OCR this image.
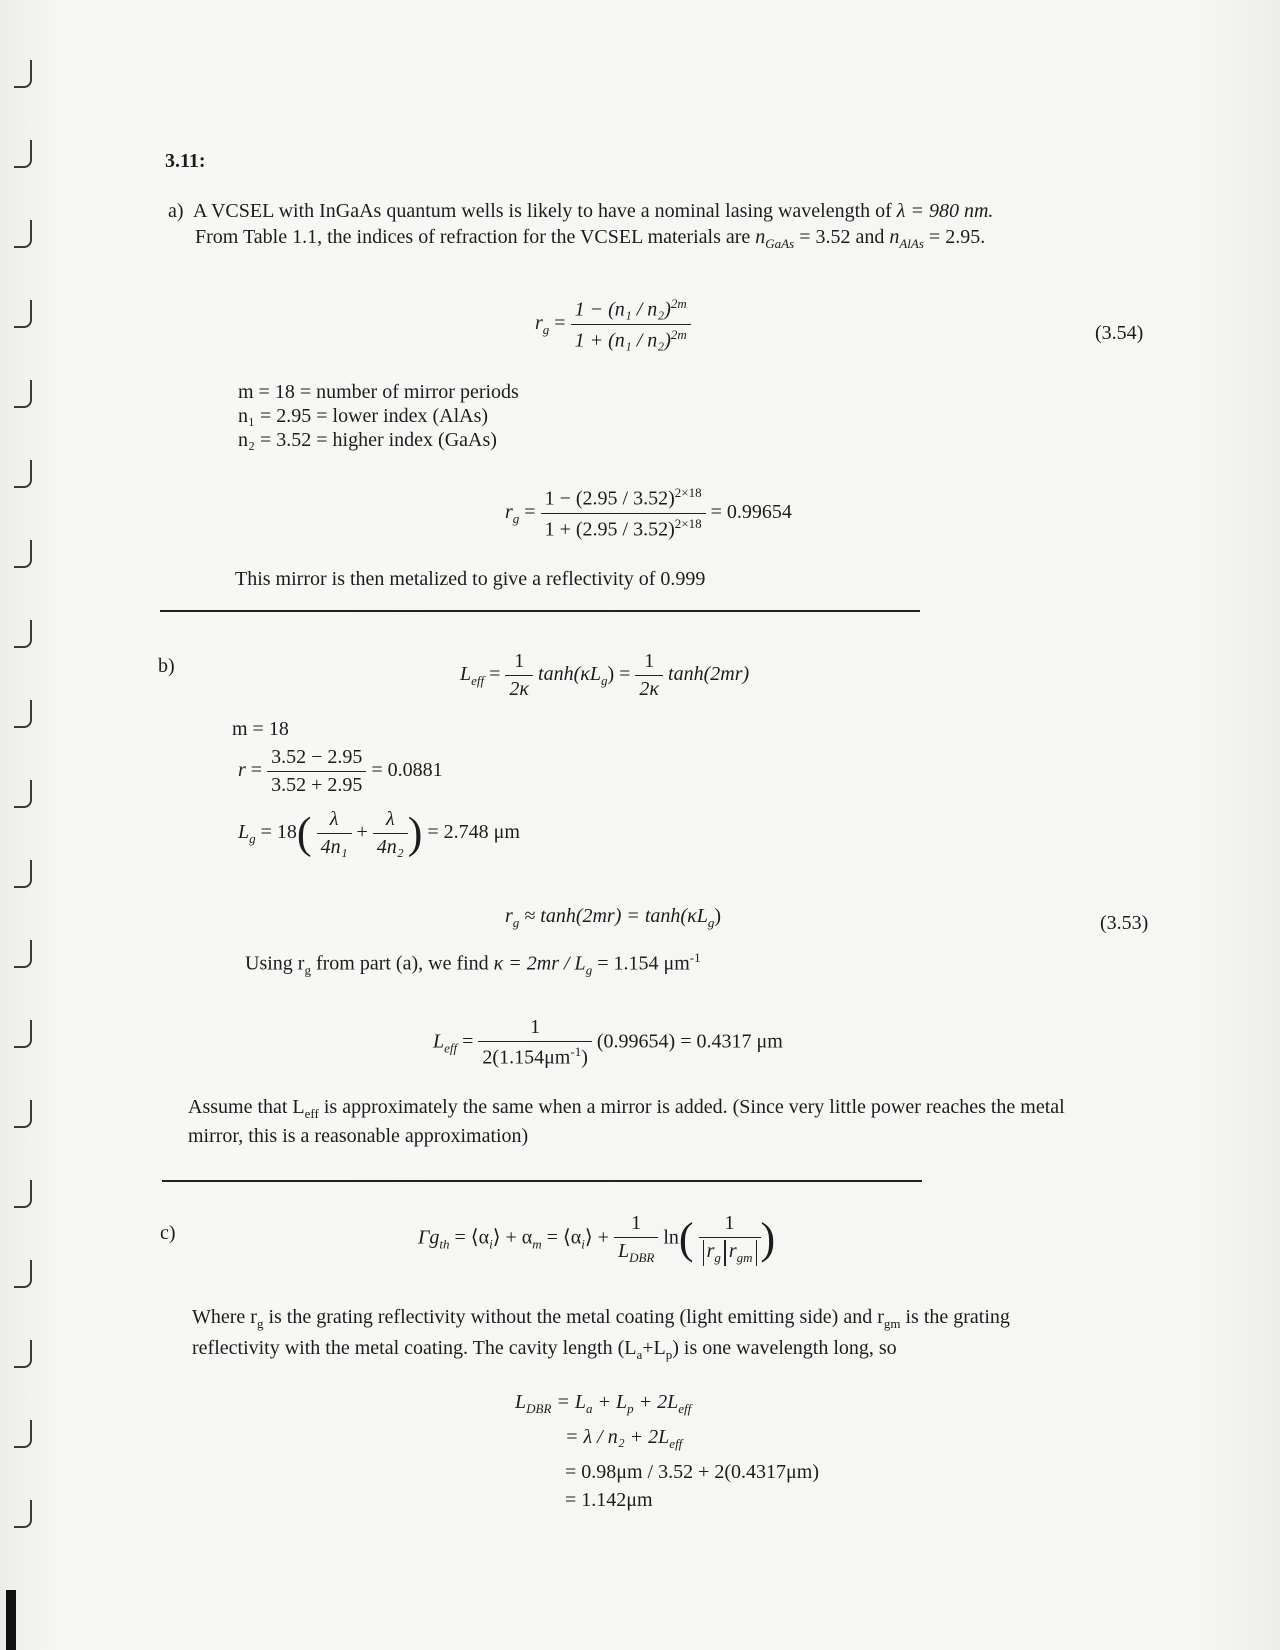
3.11:
a) A VCSEL with InGaAs quantum wells is likely to have a nominal lasing wavelength of λ = 980 nm.
From Table 1.1, the indices of refraction for the VCSEL materials are $n_{GaAs} = 3.52$ and $n_{AlAs} = 2.95$.
$r_g = \frac{1 - (n_1 / n_2)^{2m}}{1 + (n_1 / n_2)^{2m}}$	(3.54)
m = 18 = number of mirror periods
n₁ = 2.95 = lower index (AlAs)
n₂ = 3.52 = higher index (GaAs)
$r_g = \frac{1 - (2.95 / 3.52)^{2\times 18}}{1 + (2.95 / 3.52)^{2\times 18}} = 0.99654$
This mirror is then metalized to give a reflectivity of 0.999
b)	$L_{eff} = \frac{1}{2\kappa} \tanh(\kappa L_g) = \frac{1}{2\kappa} \tanh(2mr)$
m = 18
$r = \frac{3.52 - 2.95}{3.52 + 2.95} = 0.0881$
$L_g = 18( \frac{\lambda}{\text{4n₁}} + \frac{\lambda}{\text{4n₂}}$ ) = 2.748 μm
$r_g \approx \tanh(2mr) = \tanh(\kappa L_g)$	(3.53)
Using $r_g$ from part (a), we find $\kappa = 2mr / L_g = 1.154$ $\mu m^{-1}$
$L_{eff} = \frac{1}{2(1.154\mu m^{-1})} (0.99654) = 0.4317$ μm
Assume that $L_{eff}$ is approximately the same when a mirror is added. (Since very little power reaches the metal
mirror, this is a reasonable approximation)
c)	$\Gamma g_{th}$ = $⟨\alpha_i⟩ + \alpha_m$ = $⟨\alpha_i⟩ + \frac{1}{L_{DBR}} \ln( \frac{1}{r_g r_{gm}}$ )
Where $r_g$ is the grating reflectivity without the metal coating (light emitting side) and $r_{gm}$ is the grating
reflectivity with the metal coating. The cavity length $(L_a+L_p)$ is one wavelength long, so
$L_{DBR} = L_a + L_p + 2L_{eff}$
= $\lambda / n_2 + 2L_{eff}$
= 0.98μm / 3.52 + 2(0.4317μm)
= 1.142μm
